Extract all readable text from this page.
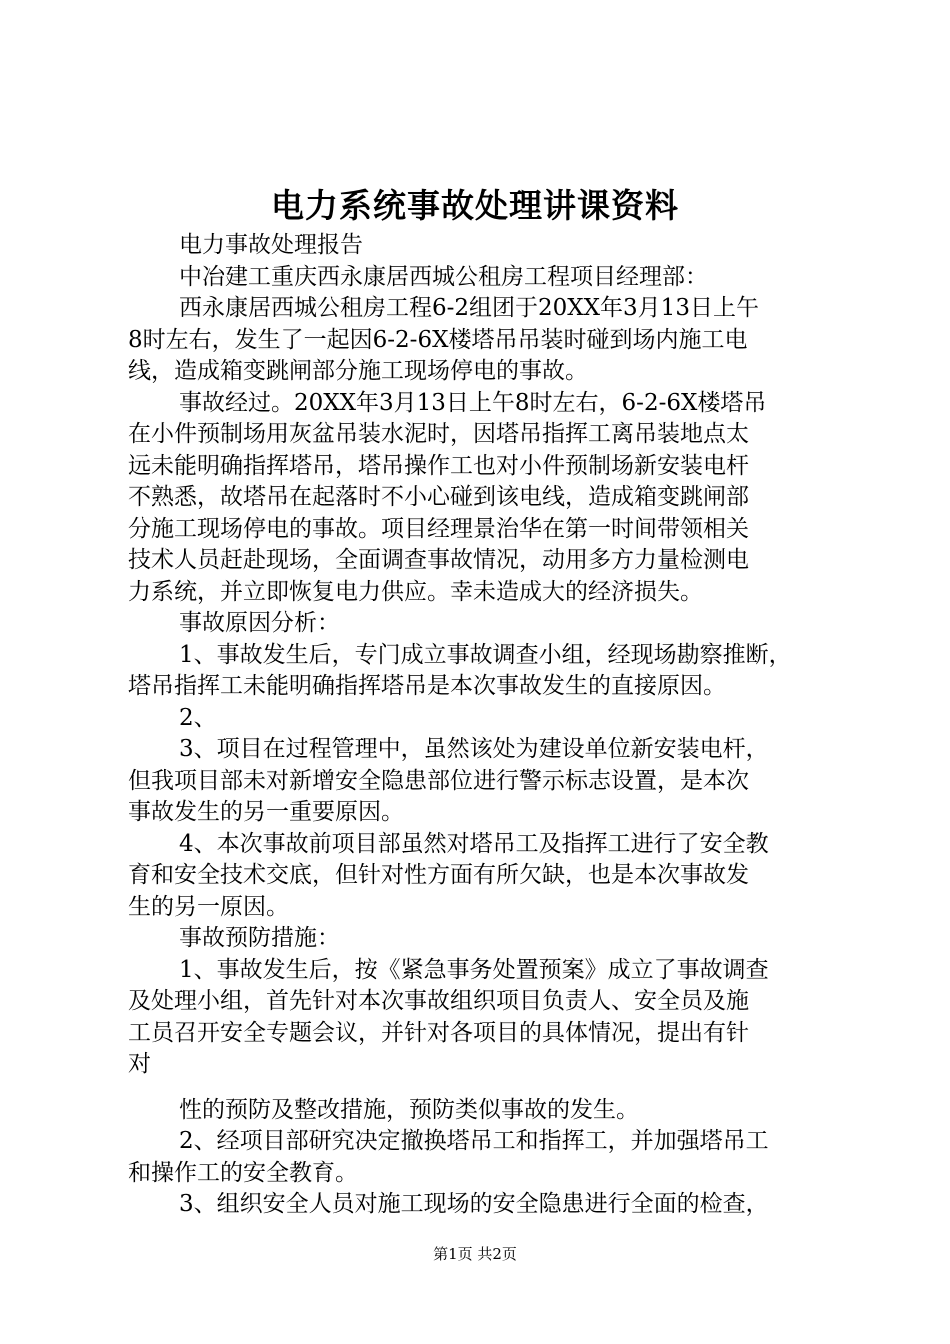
电力系统事故处理讲课资料
电力事故处理报告
中冶建工重庆西永康居西城公租房工程项目经理部：
西永康居西城公租房工程6-2组团于20XX年3月13日上午
8时左右，发生了一起因6-2-6X楼塔吊吊装时碰到场内施工电
线，造成箱变跳闸部分施工现场停电的事故。
事故经过。20XX年3月13日上午8时左右，6-2-6X楼塔吊
在小件预制场用灰盆吊装水泥时，因塔吊指挥工离吊装地点太
远未能明确指挥塔吊，塔吊操作工也对小件预制场新安装电杆
不熟悉，故塔吊在起落时不小心碰到该电线，造成箱变跳闸部
分施工现场停电的事故。项目经理景治华在第一时间带领相关
技术人员赶赴现场，全面调查事故情况，动用多方力量检测电
力系统，并立即恢复电力供应。幸未造成大的经济损失。
事故原因分析：
1、事故发生后，专门成立事故调查小组，经现场勘察推断，
塔吊指挥工未能明确指挥塔吊是本次事故发生的直接原因。
2、
3、项目在过程管理中，虽然该处为建设单位新安装电杆，
但我项目部未对新增安全隐患部位进行警示标志设置，是本次
事故发生的另一重要原因。
4、本次事故前项目部虽然对塔吊工及指挥工进行了安全教
育和安全技术交底，但针对性方面有所欠缺，也是本次事故发
生的另一原因。
事故预防措施：
1、事故发生后，按《紧急事务处置预案》成立了事故调查
及处理小组，首先针对本次事故组织项目负责人、安全员及施
工员召开安全专题会议，并针对各项目的具体情况，提出有针
对
性的预防及整改措施，预防类似事故的发生。
2、经项目部研究决定撤换塔吊工和指挥工，并加强塔吊工
和操作工的安全教育。
3、组织安全人员对施工现场的安全隐患进行全面的检查，
第1页 共2页
